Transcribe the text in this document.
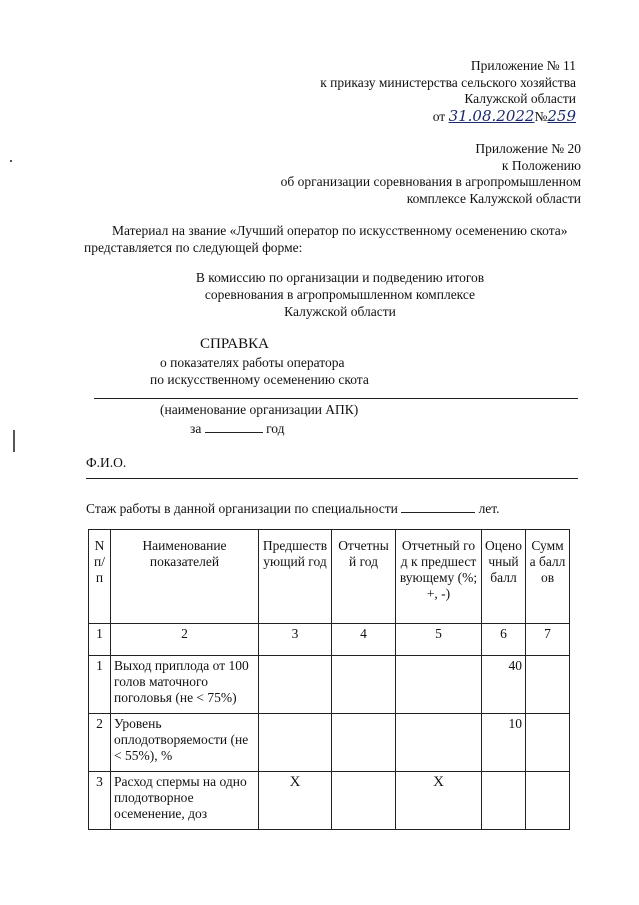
Приложение № 11
к приказу министерства сельского хозяйства
Калужской области
от 31.08.2022№259
Приложение № 20
к Положению
об организации соревнования в агропромышленном
комплексе Калужской области
Материал на звание «Лучший оператор по искусственному осеменению скота»
представляется по следующей форме:
В комиссию по организации и подведению итогов
соревнования в агропромышленном комплексе
Калужской области
СПРАВКА
о показателях работы оператора
по искусственному осеменению скота
(наименование организации АПК)
за	год
Ф.И.О.
Стаж работы в данной организации по специальности	лет.
N п/п	Наименование показателей	Предшествующий год	Отчетный год	Отчетный год к предшествующему (%; +, -)	Оценочный балл	Сумма баллов
1	2	3	4	5	6	7
1	Выход приплода от 100 голов маточного поголовья (не < 75%)				40	
2	Уровень оплодотворяемости (не < 55%), %				10	
3	Расход спермы на одно плодотворное осеменение, доз	Х		Х		
